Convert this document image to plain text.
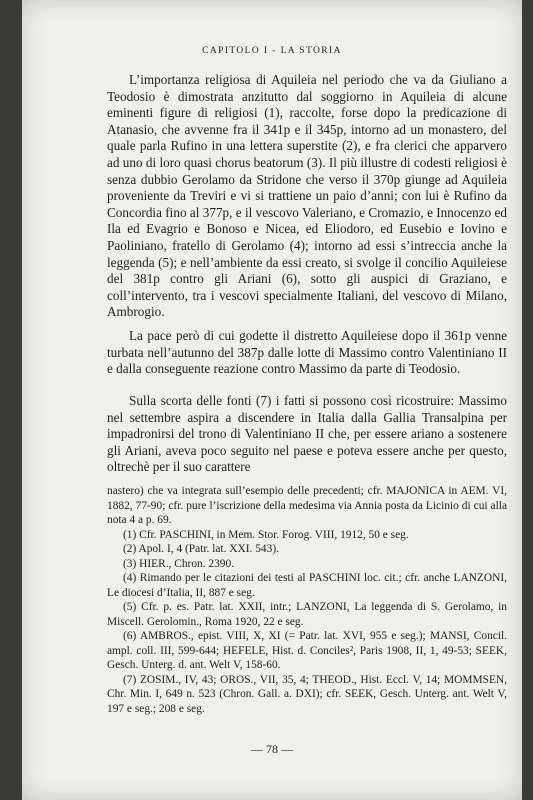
CAPITOLO I - LA STORIA

L’importanza religiosa di Aquileia nel periodo che va da Giuliano a Teodosio è dimostrata anzitutto dal soggiorno in Aquileia di alcune eminenti figure di religiosi (1), raccolte, forse dopo la predicazione di Atanasio, che avvenne fra il 341p e il 345p, intorno ad un monastero, del quale parla Rufino in una lettera superstite (2), e fra clerici che apparvero ad uno di loro quasi chorus beatorum (3). Il più illustre di codesti religiosi è senza dubbio Gerolamo da Stridone che verso il 370p giunge ad Aquileia proveniente da Treviri e vi si trattiene un paio d’anni; con lui è Rufino da Concordia fino al 377p, e il vescovo Valeriano, e Cromazio, e Innocenzo ed Ila ed Evagrio e Bonoso e Nicea, ed Eliodoro, ed Eusebio e Iovino e Paoliniano, fratello di Gerolamo (4); intorno ad essi s’intreccia anche la leggenda (5); e nell’ambiente da essi creato, si svolge il concilio Aquileiese del 381p contro gli Ariani (6), sotto gli auspici di Graziano, e coll’intervento, tra i vescovi specialmente Italiani, del vescovo di Milano, Ambrogio.

La pace però di cui godette il distretto Aquileiese dopo il 361p venne turbata nell’autunno del 387p dalle lotte di Massimo contro Valentiniano II e dalla conseguente reazione contro Massimo da parte di Teodosio.

Sulla scorta delle fonti (7) i fatti si possono così ricostruire: Massimo nel settembre aspira a discendere in Italia dalla Gallia Transalpina per impadronirsi del trono di Valentiniano II che, per essere ariano a sostenere gli Ariani, aveva poco seguito nel paese e poteva essere anche per questo, oltrechè per il suo carattere

nastero) che va integrata sull’esempio delle precedenti; cfr. MAJONICA in AEM. VI, 1882, 77-90; cfr. pure l’iscrizione della medesima via Annia posta da Licinio di cui alla nota 4 a p. 69.

(1) Cfr. PASCHINI, in Mem. Stor. Forog. VIII, 1912, 50 e seg.

(2) Apol. I, 4 (Patr. lat. XXI. 543).

(3) HIER., Chron. 2390.

(4) Rimando per le citazioni dei testi al PASCHINI loc. cit.; cfr. anche LANZONI, Le diocesi d’Italia, II, 887 e seg.

(5) Cfr. p. es. Patr. lat. XXII, intr.; LANZONI, La leggenda di S. Gerolamo, in Miscell. Gerolomin., Roma 1920, 22 e seg.

(6) AMBROS., epist. VIII, X, XI (= Patr. lat. XVI, 955 e seg.); MANSI, Concil. ampl. coll. III, 599-644; HEFELE, Hist. d. Conciles², Paris 1908, II, 1, 49-53; SEEK, Gesch. Unterg. d. ant. Welt V, 158-60.

(7) ZOSIM., IV, 43; OROS., VII, 35, 4; THEOD., Hist. Eccl. V, 14; MOMMSEN, Chr. Min. I, 649 n. 523 (Chron. Gall. a. DXI); cfr. SEEK, Gesch. Unterg. ant. Welt V, 197 e seg.; 208 e seg.

— 78 —
